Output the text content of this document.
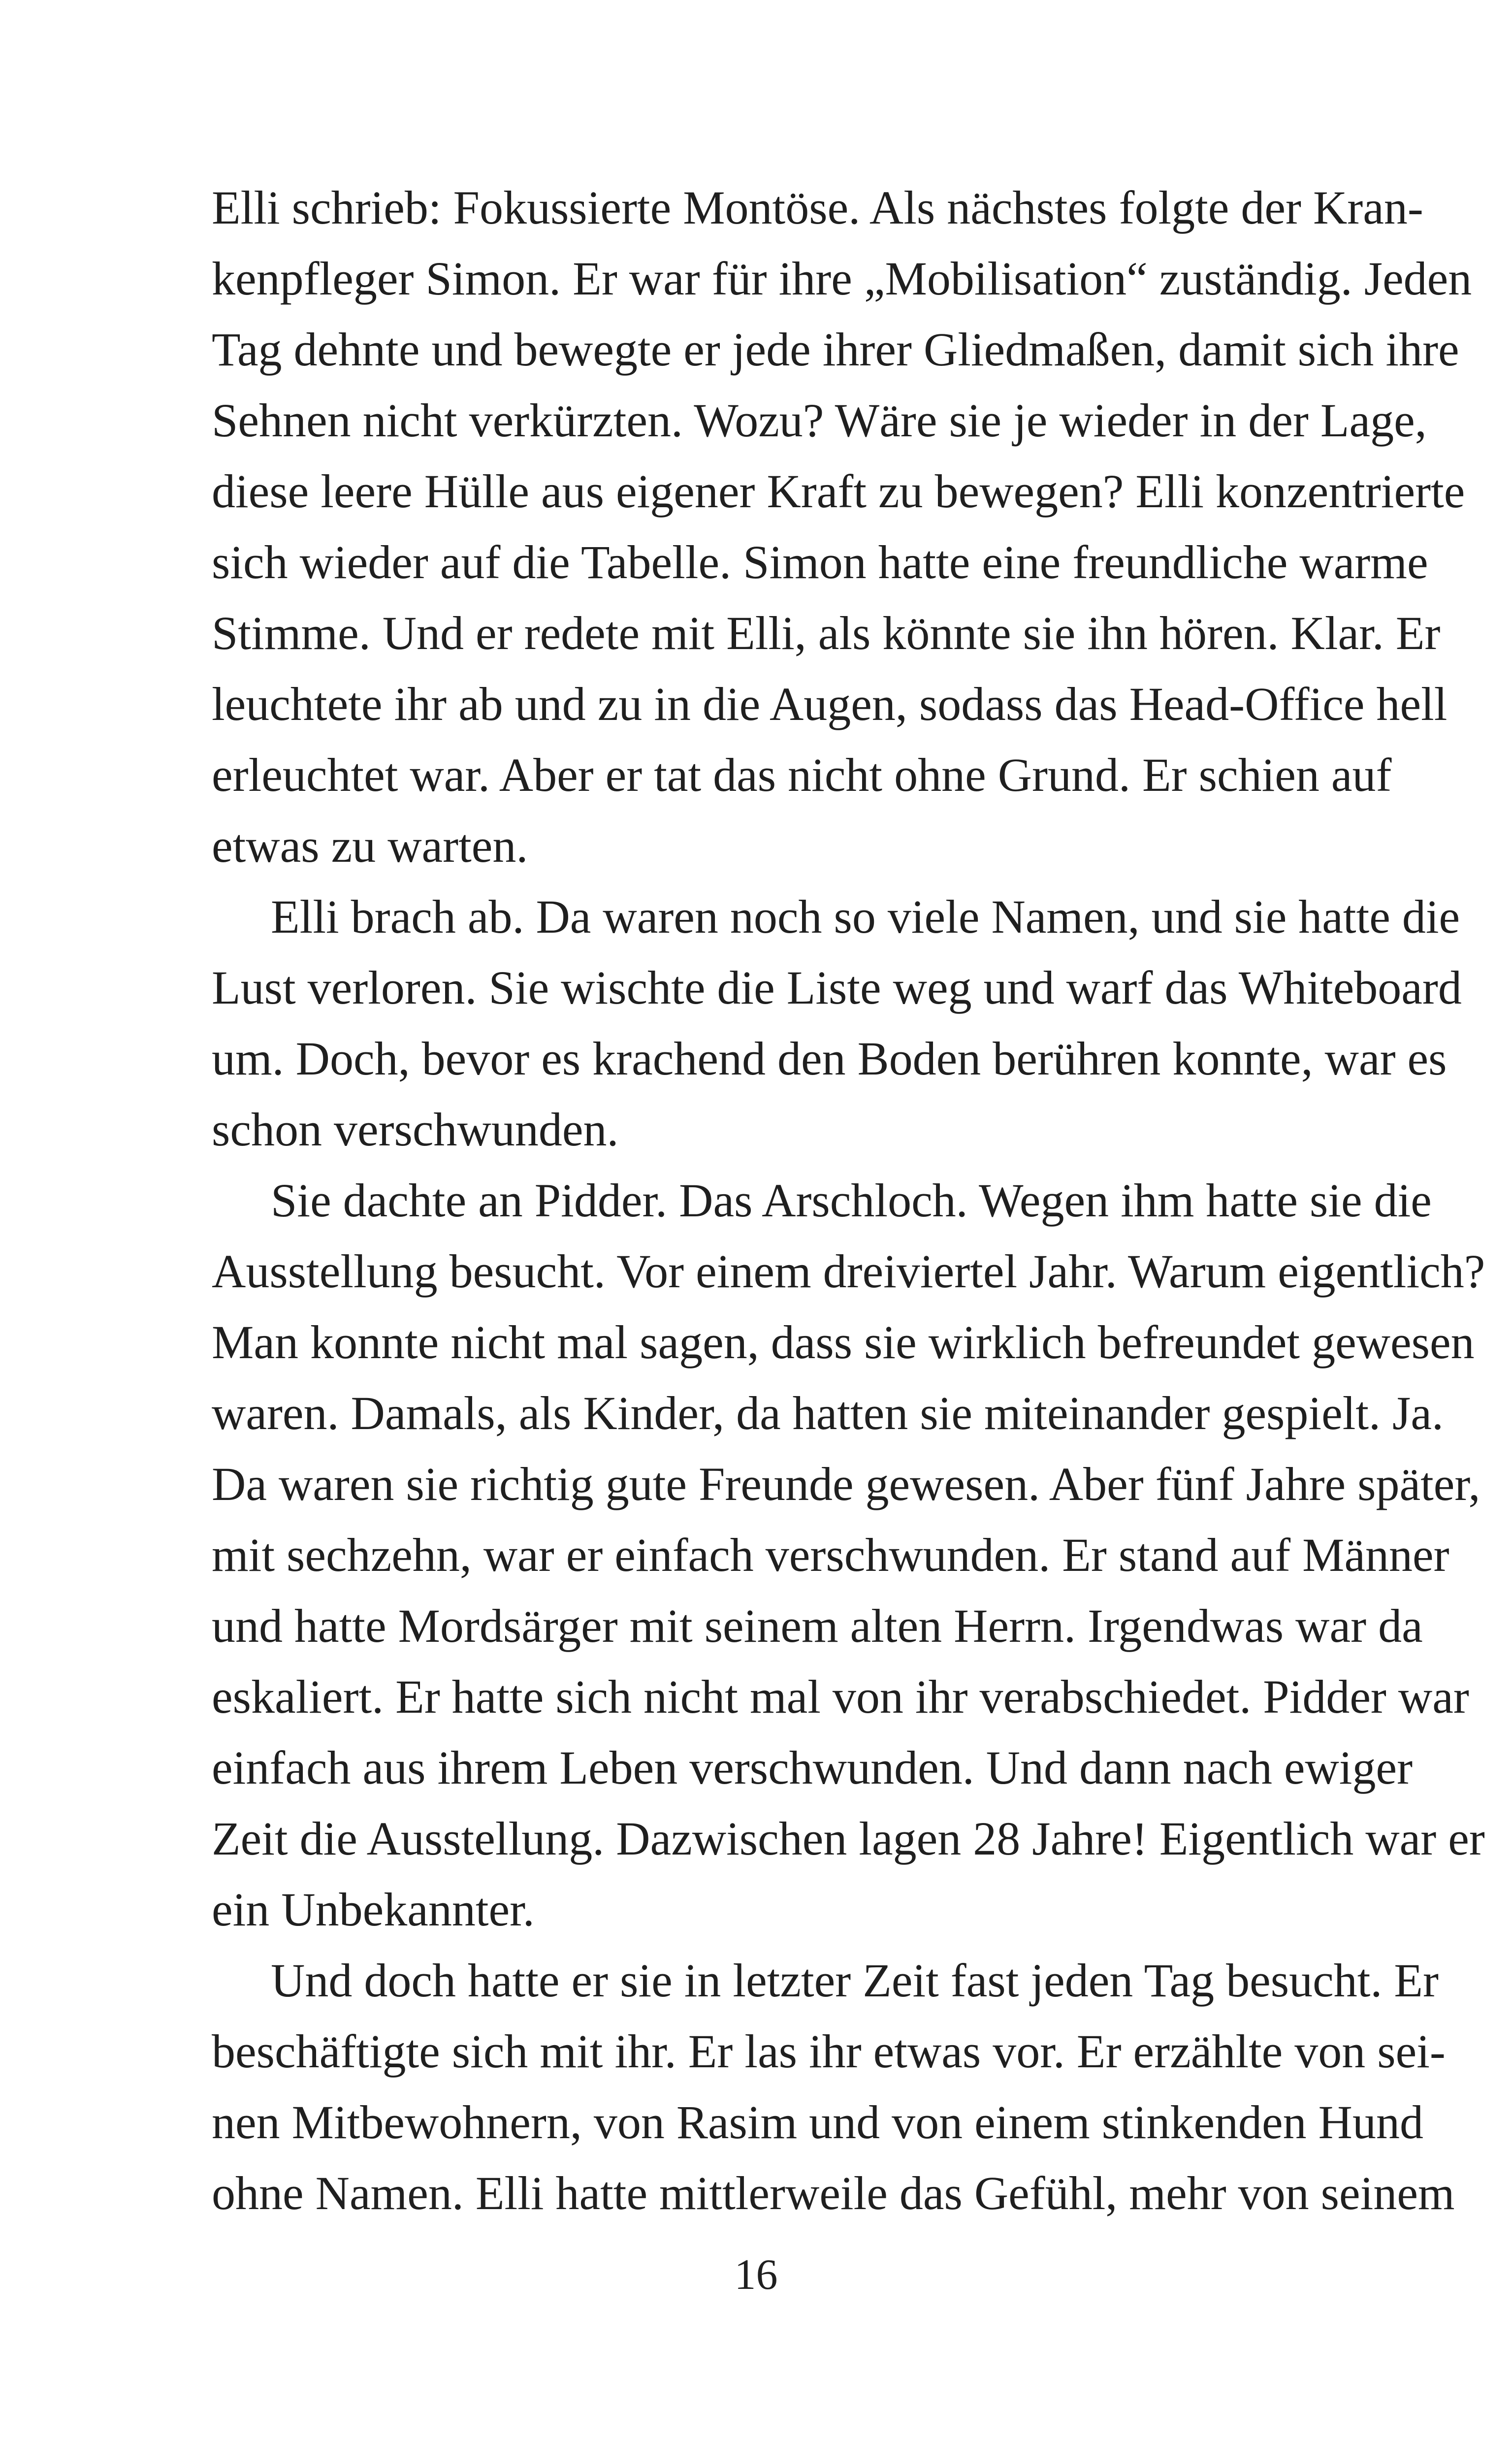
Elli schrieb: Fokussierte Montöse. Als nächstes folgte der Kran-
kenpfleger Simon. Er war für ihre „Mobilisation“ zuständig. Jeden
Tag dehnte und bewegte er jede ihrer Gliedmaßen, damit sich ihre
Sehnen nicht verkürzten. Wozu? Wäre sie je wieder in der Lage,
diese leere Hülle aus eigener Kraft zu bewegen? Elli konzentrierte
sich wieder auf die Tabelle. Simon hatte eine freundliche warme
Stimme. Und er redete mit Elli, als könnte sie ihn hören. Klar. Er
leuchtete ihr ab und zu in die Augen, sodass das Head-Office hell
erleuchtet war. Aber er tat das nicht ohne Grund. Er schien auf
etwas zu warten.
Elli brach ab. Da waren noch so viele Namen, und sie hatte die
Lust verloren. Sie wischte die Liste weg und warf das Whiteboard
um. Doch, bevor es krachend den Boden berühren konnte, war es
schon verschwunden.
Sie dachte an Pidder. Das Arschloch. Wegen ihm hatte sie die
Ausstellung besucht. Vor einem dreiviertel Jahr. Warum eigentlich?
Man konnte nicht mal sagen, dass sie wirklich befreundet gewesen
waren. Damals, als Kinder, da hatten sie miteinander gespielt. Ja.
Da waren sie richtig gute Freunde gewesen. Aber fünf Jahre später,
mit sechzehn, war er einfach verschwunden. Er stand auf Männer
und hatte Mordsärger mit seinem alten Herrn. Irgendwas war da
eskaliert. Er hatte sich nicht mal von ihr verabschiedet. Pidder war
einfach aus ihrem Leben verschwunden. Und dann nach ewiger
Zeit die Ausstellung. Dazwischen lagen 28 Jahre! Eigentlich war er
ein Unbekannter.
Und doch hatte er sie in letzter Zeit fast jeden Tag besucht. Er
beschäftigte sich mit ihr. Er las ihr etwas vor. Er erzählte von sei-
nen Mitbewohnern, von Rasim und von einem stinkenden Hund
ohne Namen. Elli hatte mittlerweile das Gefühl, mehr von seinem
16
